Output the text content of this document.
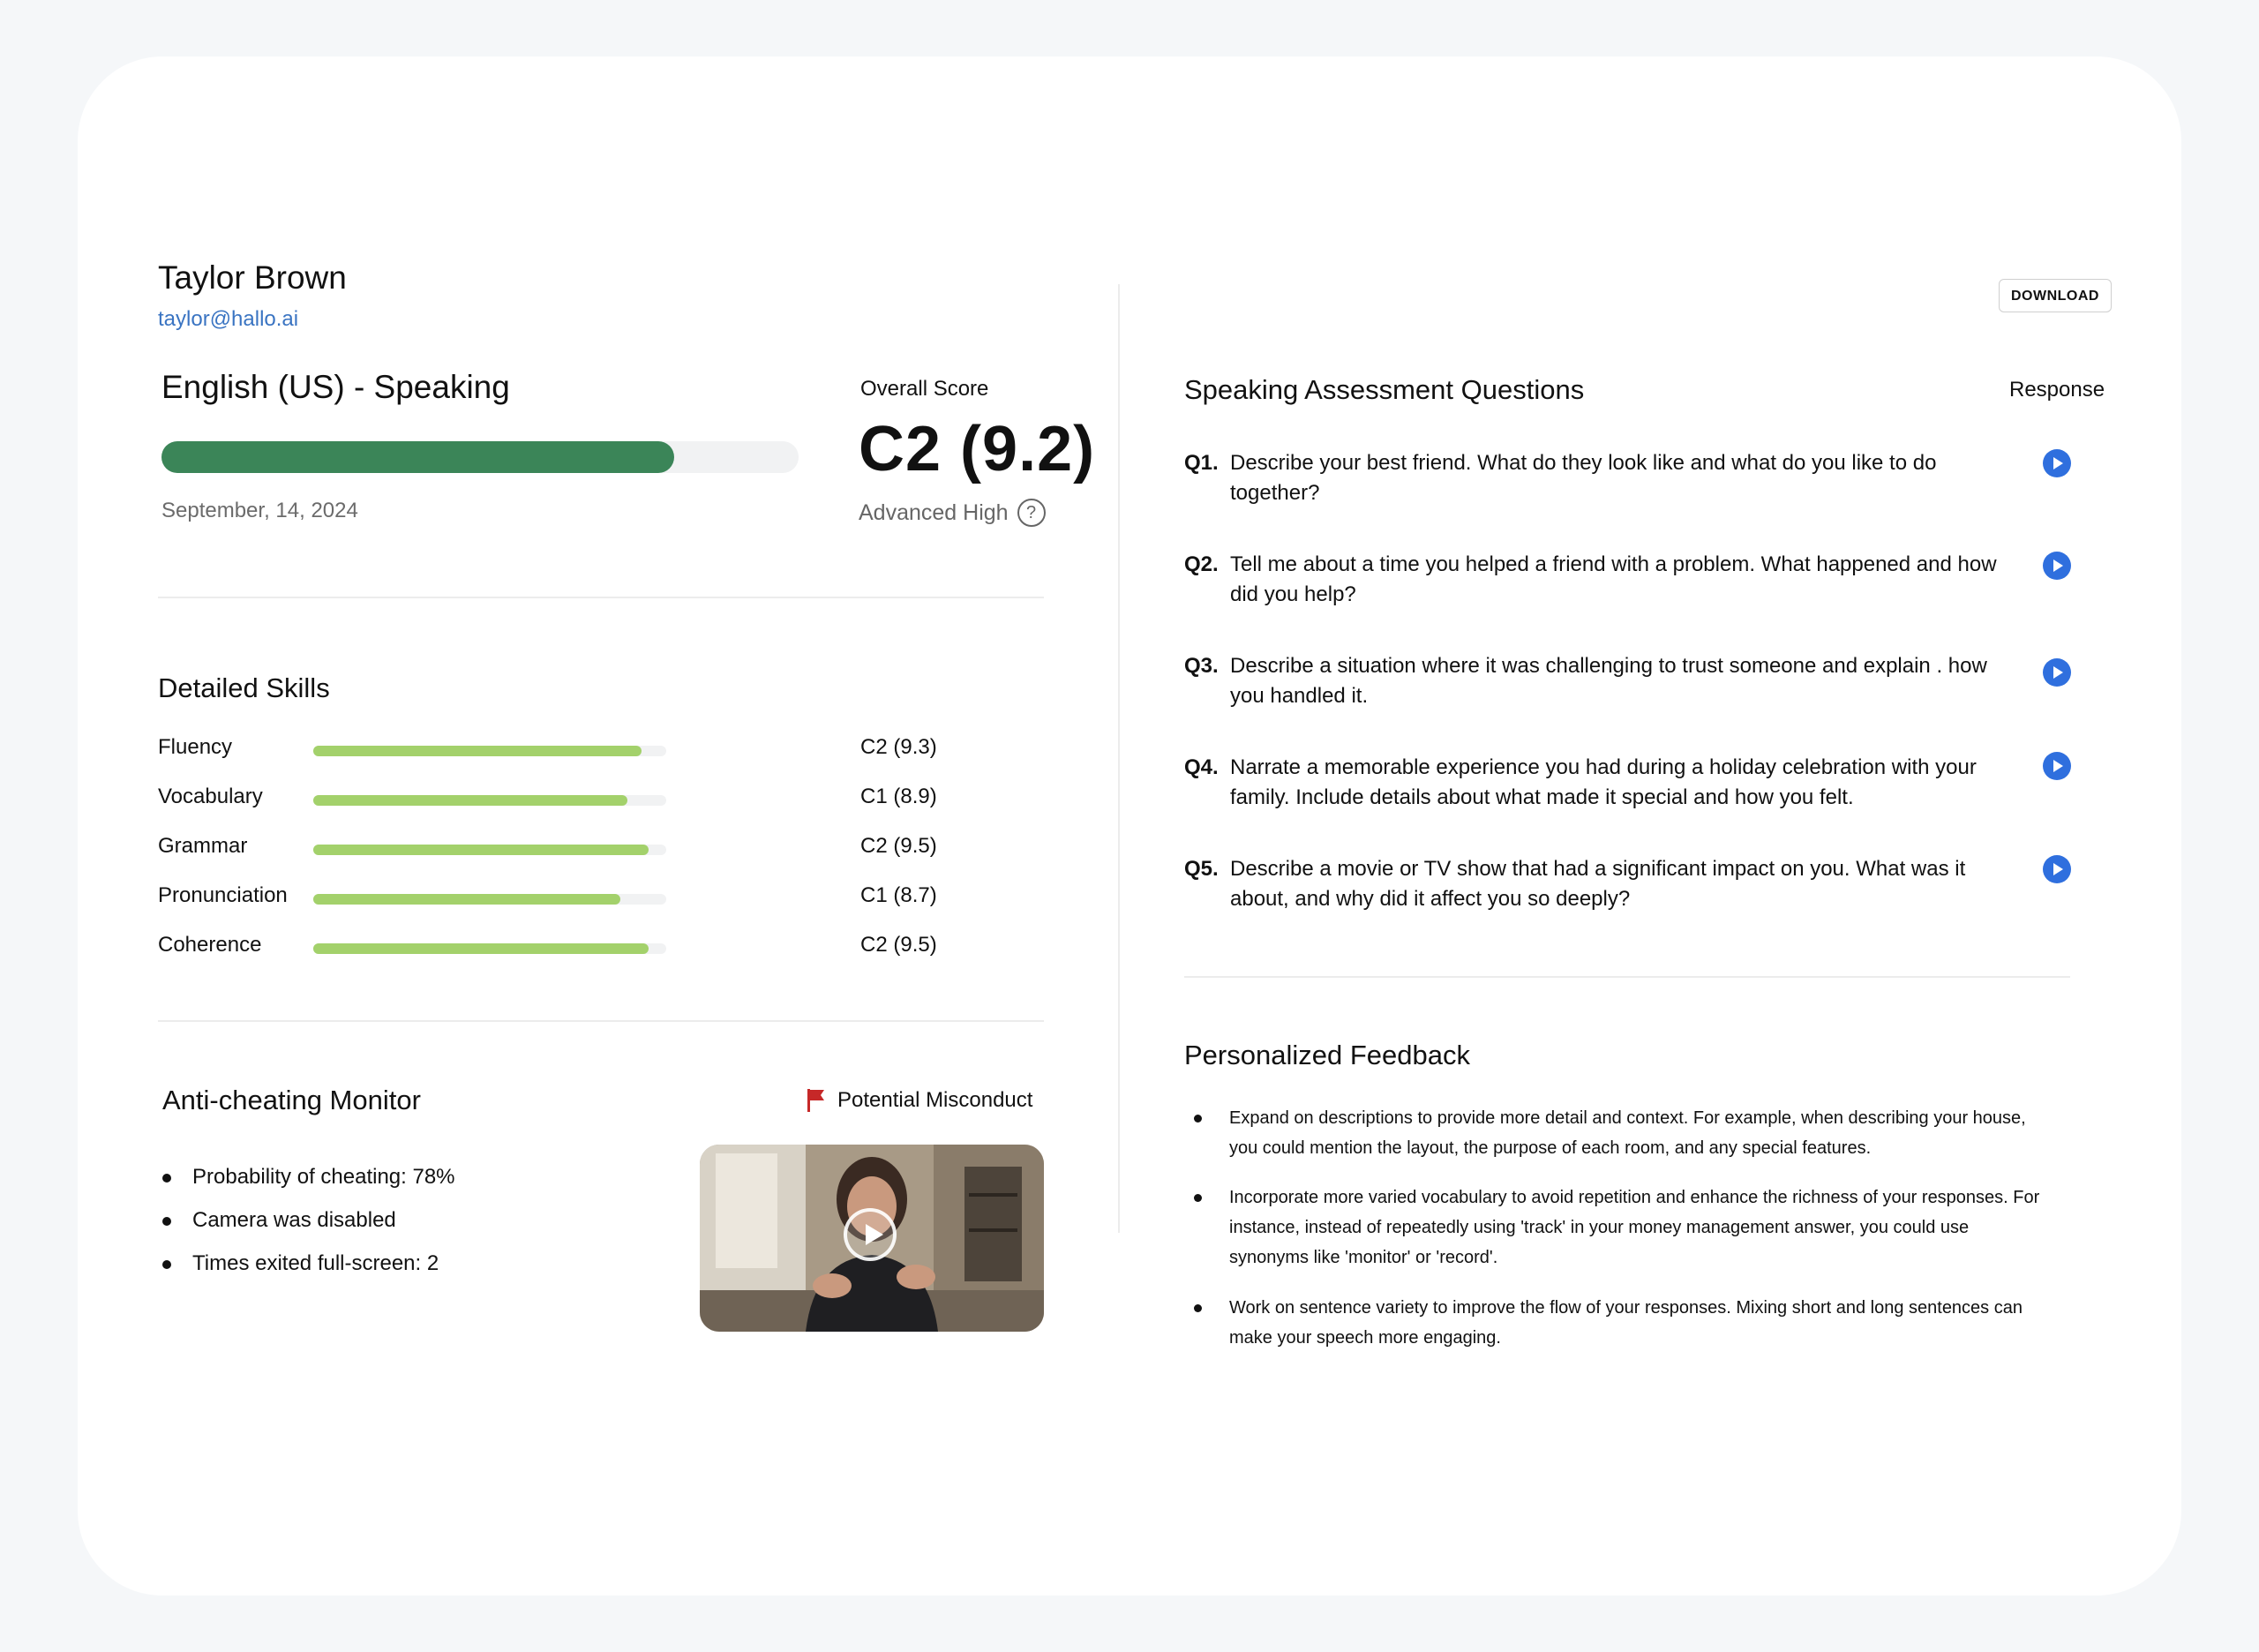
Taylor Brown
taylor@hallo.ai
English (US) - Speaking
September, 14, 2024
Overall Score
C2 (9.2)
Advanced High	?
Detailed Skills
Fluency	C2 (9.3)
Vocabulary	C1 (8.9)
Grammar	C2 (9.5)
Pronunciation	C1 (8.7)
Coherence	C2 (9.5)
Anti-cheating Monitor	Potential Misconduct
Probability of cheating: 78%
Camera was disabled
Times exited full-screen: 2
DOWNLOAD
Speaking Assessment Questions	Response
Q1. Describe your best friend. What do they look like and what do you like to do together?
Q2. Tell me about a time you helped a friend with a problem. What happened and how did you help?
Q3. Describe a situation where it was challenging to trust someone and explain . how you handled it.
Q4. Narrate a memorable experience you had during a holiday celebration with your family. Include details about what made it special and how you felt.
Q5. Describe a movie or TV show that had a significant impact on you. What was it about, and why did it affect you so deeply?
Personalized Feedback
Expand on descriptions to provide more detail and context. For example, when describing your house, you could mention the layout, the purpose of each room, and any special features.
Incorporate more varied vocabulary to avoid repetition and enhance the richness of your responses. For instance, instead of repeatedly using 'track' in your money management answer, you could use synonyms like 'monitor' or 'record'.
Work on sentence variety to improve the flow of your responses. Mixing short and long sentences can make your speech more engaging.
